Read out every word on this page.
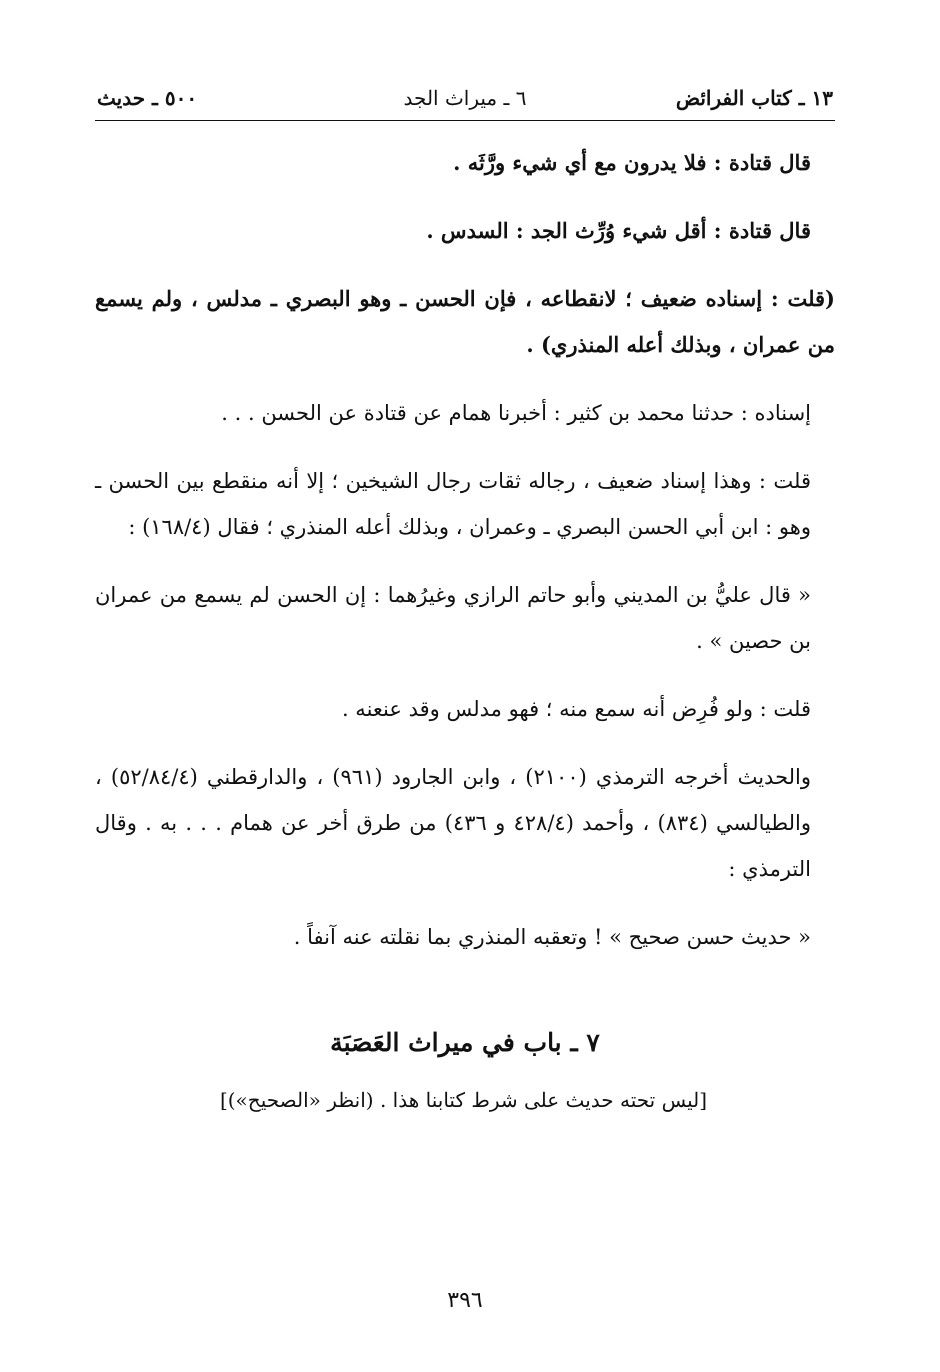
١٣ ـ كتاب الفرائض
٦ ـ ميراث الجد
٥٠٠ ـ حديث

قال قتادة : فلا يدرون مع أي شيء ورَّثَه .

قال قتادة : أقل شيء وُرِّث الجد : السدس .

(قلت : إسناده ضعيف ؛ لانقطاعه ، فإن الحسن ـ وهو البصري ـ مدلس ، ولم يسمع من عمران ، وبذلك أعله المنذري) .

إسناده : حدثنا محمد بن كثير : أخبرنا همام عن قتادة عن الحسن . . .

قلت : وهذا إسناد ضعيف ، رجاله ثقات رجال الشيخين ؛ إلا أنه منقطع بين الحسن ـ وهو : ابن أبي الحسن البصري ـ وعمران ، وبذلك أعله المنذري ؛ فقال (١٦٨/٤) :

« قال عليُّ بن المديني وأبو حاتم الرازي وغيرُهما : إن الحسن لم يسمع من عمران بن حصين » .

قلت : ولو فُرِض أنه سمع منه ؛ فهو مدلس وقد عنعنه .

والحديث أخرجه الترمذي (٢١٠٠) ، وابن الجارود (٩٦١) ، والدارقطني (٥٢/٨٤/٤) ، والطيالسي (٨٣٤) ، وأحمد (٤٢٨/٤ و ٤٣٦) من طرق أخر عن همام . . . به . وقال الترمذي :

« حديث حسن صحيح » ! وتعقبه المنذري بما نقلته عنه آنفاً .

٧ ـ باب في ميراث العَصَبَة
[ليس تحته حديث على شرط كتابنا هذا . (انظر «الصحيح»)]
٣٩٦
